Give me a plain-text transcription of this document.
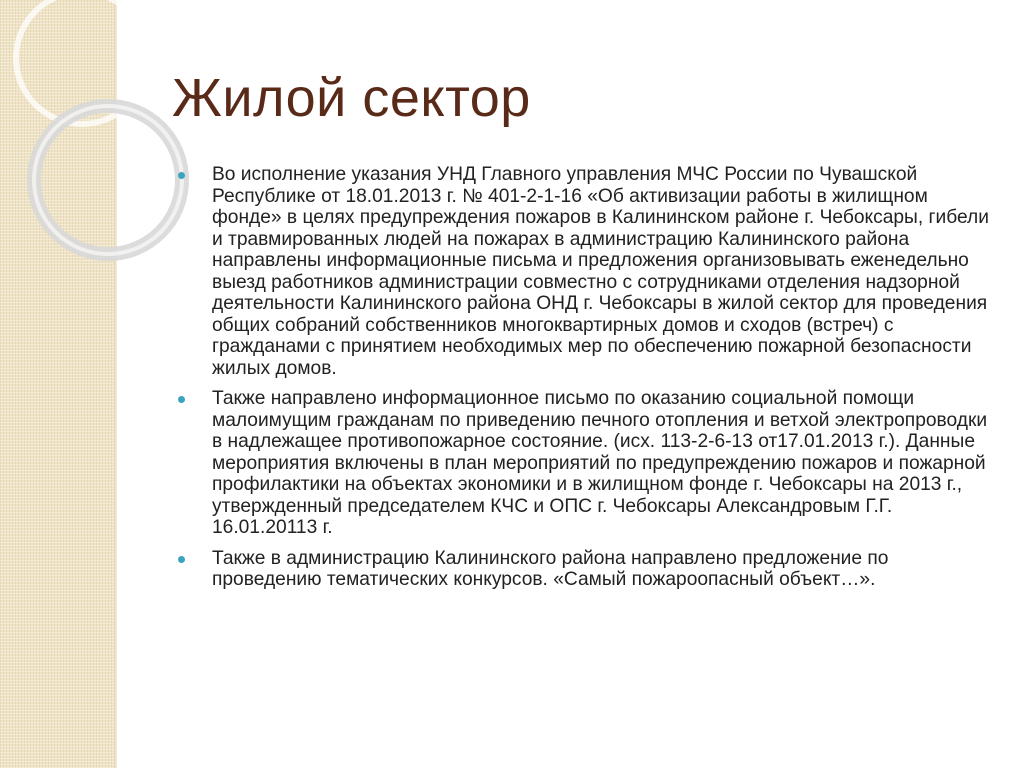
Жилой сектор
Во исполнение указания УНД Главного управления МЧС России по Чувашской Республике от 18.01.2013 г. № 401-2-1-16 «Об активизации работы в жилищном фонде» в целях предупреждения пожаров в Калининском районе г. Чебоксары, гибели и травмированных людей на пожарах в администрацию Калининского района направлены информационные письма и предложения организовывать еженедельно выезд работников администрации совместно с сотрудниками отделения надзорной деятельности Калининского района ОНД г. Чебоксары в жилой сектор для проведения общих собраний собственников многоквартирных домов и сходов (встреч) с гражданами с принятием необходимых мер по обеспечению пожарной безопасности жилых домов.
Также направлено информационное письмо по оказанию социальной помощи малоимущим гражданам по приведению печного отопления и ветхой электропроводки в надлежащее противопожарное состояние. (исх. 113-2-6-13 от17.01.2013 г.). Данные мероприятия включены в план мероприятий по предупреждению пожаров и пожарной профилактики на объектах экономики и в жилищном фонде г. Чебоксары на 2013 г., утвержденный председателем КЧС и ОПС г. Чебоксары Александровым Г.Г. 16.01.20113 г.
Также в администрацию Калининского района направлено предложение по проведению тематических конкурсов. «Самый пожароопасный объект…».
